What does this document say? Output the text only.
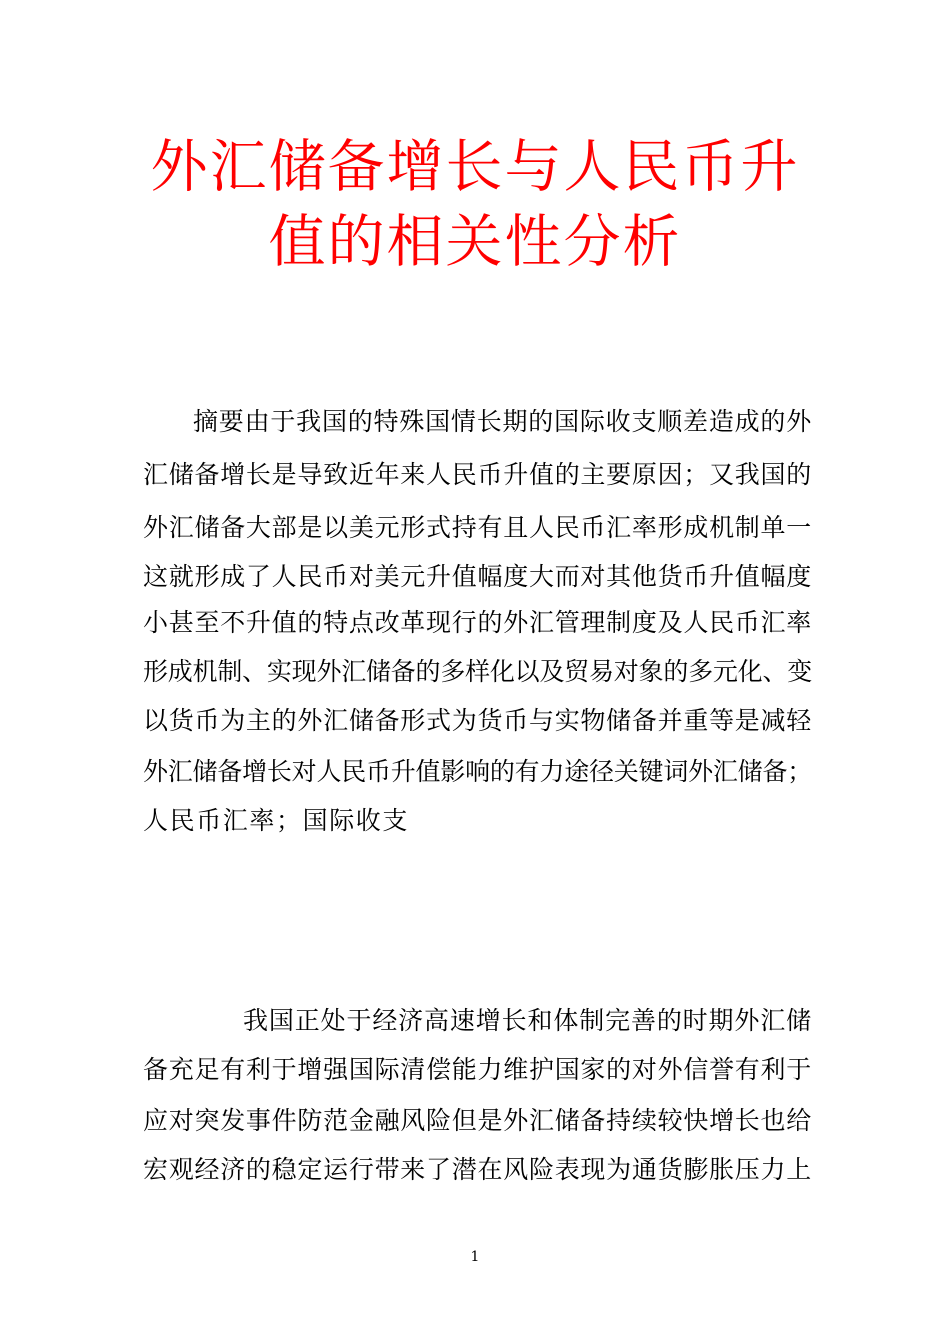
外汇储备增长与人民币升
值的相关性分析
摘要由于我国的特殊国情长期的国际收支顺差造成的外
汇储备增长是导致近年来人民币升值的主要原因；又我国的
外汇储备大部是以美元形式持有且人民币汇率形成机制单一
这就形成了人民币对美元升值幅度大而对其他货币升值幅度
小甚至不升值的特点改革现行的外汇管理制度及人民币汇率
形成机制、实现外汇储备的多样化以及贸易对象的多元化、变
以货币为主的外汇储备形式为货币与实物储备并重等是减轻
外汇储备增长对人民币升值影响的有力途径关键词外汇储备；
人民币汇率；国际收支
我国正处于经济高速增长和体制完善的时期外汇储
备充足有利于增强国际清偿能力维护国家的对外信誉有利于
应对突发事件防范金融风险但是外汇储备持续较快增长也给
宏观经济的稳定运行带来了潜在风险表现为通货膨胀压力上
1
